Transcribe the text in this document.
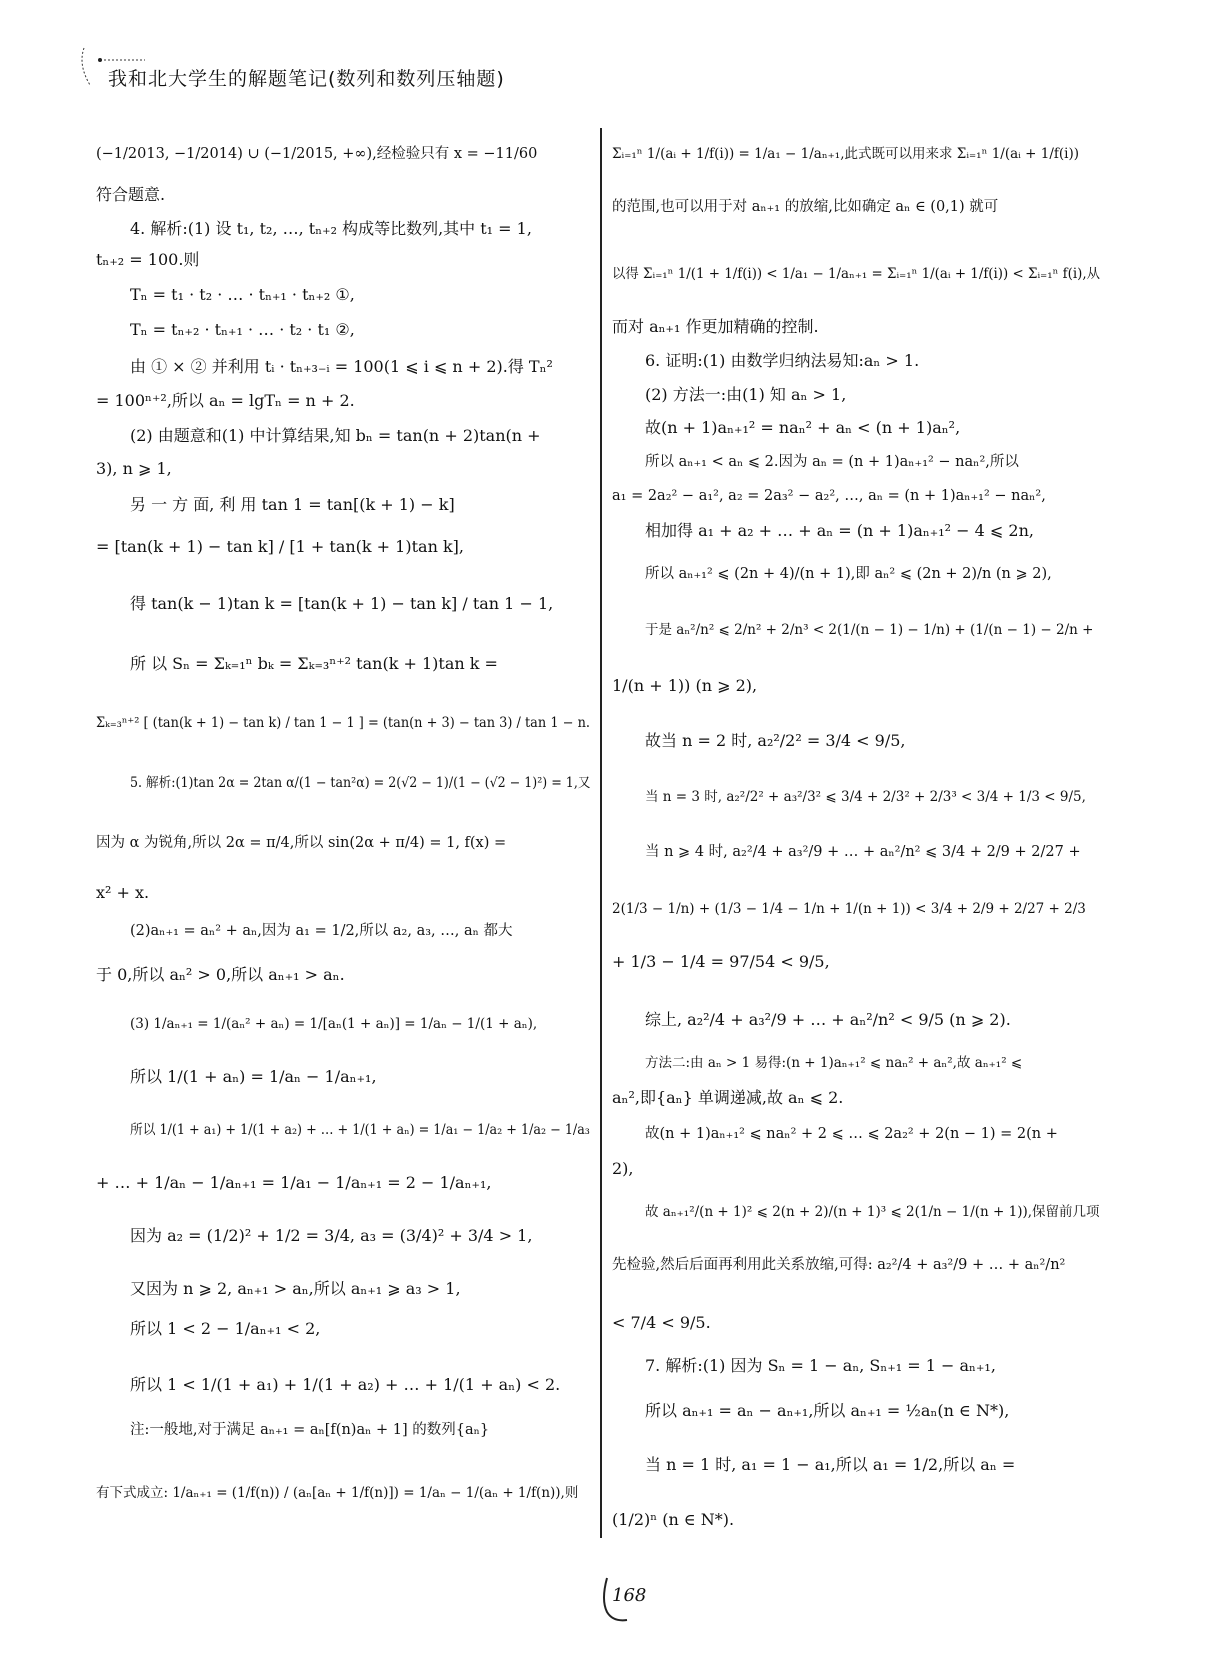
我和北大学生的解题笔记(数列和数列压轴题)
(−1/2013, −1/2014) ∪ (−1/2015, +∞),经检验只有 x = −11/60
符合题意.
4. 解析:(1) 设 t₁, t₂, …, tₙ₊₂ 构成等比数列,其中 t₁ = 1,
tₙ₊₂ = 100.则
Tₙ = t₁ · t₂ · … · tₙ₊₁ · tₙ₊₂ ①,
Tₙ = tₙ₊₂ · tₙ₊₁ · … · t₂ · t₁ ②,
由 ① × ② 并利用 tᵢ · tₙ₊₃₋ᵢ = 100(1 ⩽ i ⩽ n + 2).得 Tₙ²
= 100ⁿ⁺²,所以 aₙ = lgTₙ = n + 2.
(2) 由题意和(1) 中计算结果,知 bₙ = tan(n + 2)tan(n +
3), n ⩾ 1,
另 一 方 面, 利 用 tan 1 = tan[(k + 1) − k]
= [tan(k + 1) − tan k] / [1 + tan(k + 1)tan k],
得 tan(k − 1)tan k = [tan(k + 1) − tan k] / tan 1 − 1,
所 以 Sₙ = Σₖ₌₁ⁿ bₖ = Σₖ₌₃ⁿ⁺² tan(k + 1)tan k =
Σₖ₌₃ⁿ⁺² [ (tan(k + 1) − tan k) / tan 1 − 1 ] = (tan(n + 3) − tan 3) / tan 1 − n.
5. 解析:(1)tan 2α = 2tan α/(1 − tan²α) = 2(√2 − 1)/(1 − (√2 − 1)²) = 1,又
因为 α 为锐角,所以 2α = π/4,所以 sin(2α + π/4) = 1, f(x) =
x² + x.
(2)aₙ₊₁ = aₙ² + aₙ,因为 a₁ = 1/2,所以 a₂, a₃, …, aₙ 都大
于 0,所以 aₙ² > 0,所以 aₙ₊₁ > aₙ.
(3) 1/aₙ₊₁ = 1/(aₙ² + aₙ) = 1/[aₙ(1 + aₙ)] = 1/aₙ − 1/(1 + aₙ),
所以 1/(1 + aₙ) = 1/aₙ − 1/aₙ₊₁,
所以 1/(1 + a₁) + 1/(1 + a₂) + … + 1/(1 + aₙ) = 1/a₁ − 1/a₂ + 1/a₂ − 1/a₃
+ … + 1/aₙ − 1/aₙ₊₁ = 1/a₁ − 1/aₙ₊₁ = 2 − 1/aₙ₊₁,
因为 a₂ = (1/2)² + 1/2 = 3/4, a₃ = (3/4)² + 3/4 > 1,
又因为 n ⩾ 2, aₙ₊₁ > aₙ,所以 aₙ₊₁ ⩾ a₃ > 1,
所以 1 < 2 − 1/aₙ₊₁ < 2,
所以 1 < 1/(1 + a₁) + 1/(1 + a₂) + … + 1/(1 + aₙ) < 2.
注:一般地,对于满足 aₙ₊₁ = aₙ[f(n)aₙ + 1] 的数列{aₙ}
有下式成立: 1/aₙ₊₁ = (1/f(n)) / (aₙ[aₙ + 1/f(n)]) = 1/aₙ − 1/(aₙ + 1/f(n)),则
Σᵢ₌₁ⁿ 1/(aᵢ + 1/f(i)) = 1/a₁ − 1/aₙ₊₁,此式既可以用来求 Σᵢ₌₁ⁿ 1/(aᵢ + 1/f(i))
的范围,也可以用于对 aₙ₊₁ 的放缩,比如确定 aₙ ∈ (0,1) 就可
以得 Σᵢ₌₁ⁿ 1/(1 + 1/f(i)) < 1/a₁ − 1/aₙ₊₁ = Σᵢ₌₁ⁿ 1/(aᵢ + 1/f(i)) < Σᵢ₌₁ⁿ f(i),从
而对 aₙ₊₁ 作更加精确的控制.
6. 证明:(1) 由数学归纳法易知:aₙ > 1.
(2) 方法一:由(1) 知 aₙ > 1,
故(n + 1)aₙ₊₁² = naₙ² + aₙ < (n + 1)aₙ²,
所以 aₙ₊₁ < aₙ ⩽ 2.因为 aₙ = (n + 1)aₙ₊₁² − naₙ²,所以
a₁ = 2a₂² − a₁², a₂ = 2a₃² − a₂², …, aₙ = (n + 1)aₙ₊₁² − naₙ²,
相加得 a₁ + a₂ + … + aₙ = (n + 1)aₙ₊₁² − 4 ⩽ 2n,
所以 aₙ₊₁² ⩽ (2n + 4)/(n + 1),即 aₙ² ⩽ (2n + 2)/n (n ⩾ 2),
于是 aₙ²/n² ⩽ 2/n² + 2/n³ < 2(1/(n − 1) − 1/n) + (1/(n − 1) − 2/n +
1/(n + 1)) (n ⩾ 2),
故当 n = 2 时, a₂²/2² = 3/4 < 9/5,
当 n = 3 时, a₂²/2² + a₃²/3² ⩽ 3/4 + 2/3² + 2/3³ < 3/4 + 1/3 < 9/5,
当 n ⩾ 4 时, a₂²/4 + a₃²/9 + … + aₙ²/n² ⩽ 3/4 + 2/9 + 2/27 +
2(1/3 − 1/n) + (1/3 − 1/4 − 1/n + 1/(n + 1)) < 3/4 + 2/9 + 2/27 + 2/3
+ 1/3 − 1/4 = 97/54 < 9/5,
综上, a₂²/4 + a₃²/9 + … + aₙ²/n² < 9/5 (n ⩾ 2).
方法二:由 aₙ > 1 易得:(n + 1)aₙ₊₁² ⩽ naₙ² + aₙ²,故 aₙ₊₁² ⩽
aₙ²,即{aₙ} 单调递减,故 aₙ ⩽ 2.
故(n + 1)aₙ₊₁² ⩽ naₙ² + 2 ⩽ … ⩽ 2a₂² + 2(n − 1) = 2(n +
2),
故 aₙ₊₁²/(n + 1)² ⩽ 2(n + 2)/(n + 1)³ ⩽ 2(1/n − 1/(n + 1)),保留前几项
先检验,然后后面再利用此关系放缩,可得: a₂²/4 + a₃²/9 + … + aₙ²/n²
< 7/4 < 9/5.
7. 解析:(1) 因为 Sₙ = 1 − aₙ, Sₙ₊₁ = 1 − aₙ₊₁,
所以 aₙ₊₁ = aₙ − aₙ₊₁,所以 aₙ₊₁ = ½aₙ(n ∈ N*),
当 n = 1 时, a₁ = 1 − a₁,所以 a₁ = 1/2,所以 aₙ =
(1/2)ⁿ (n ∈ N*).
168
